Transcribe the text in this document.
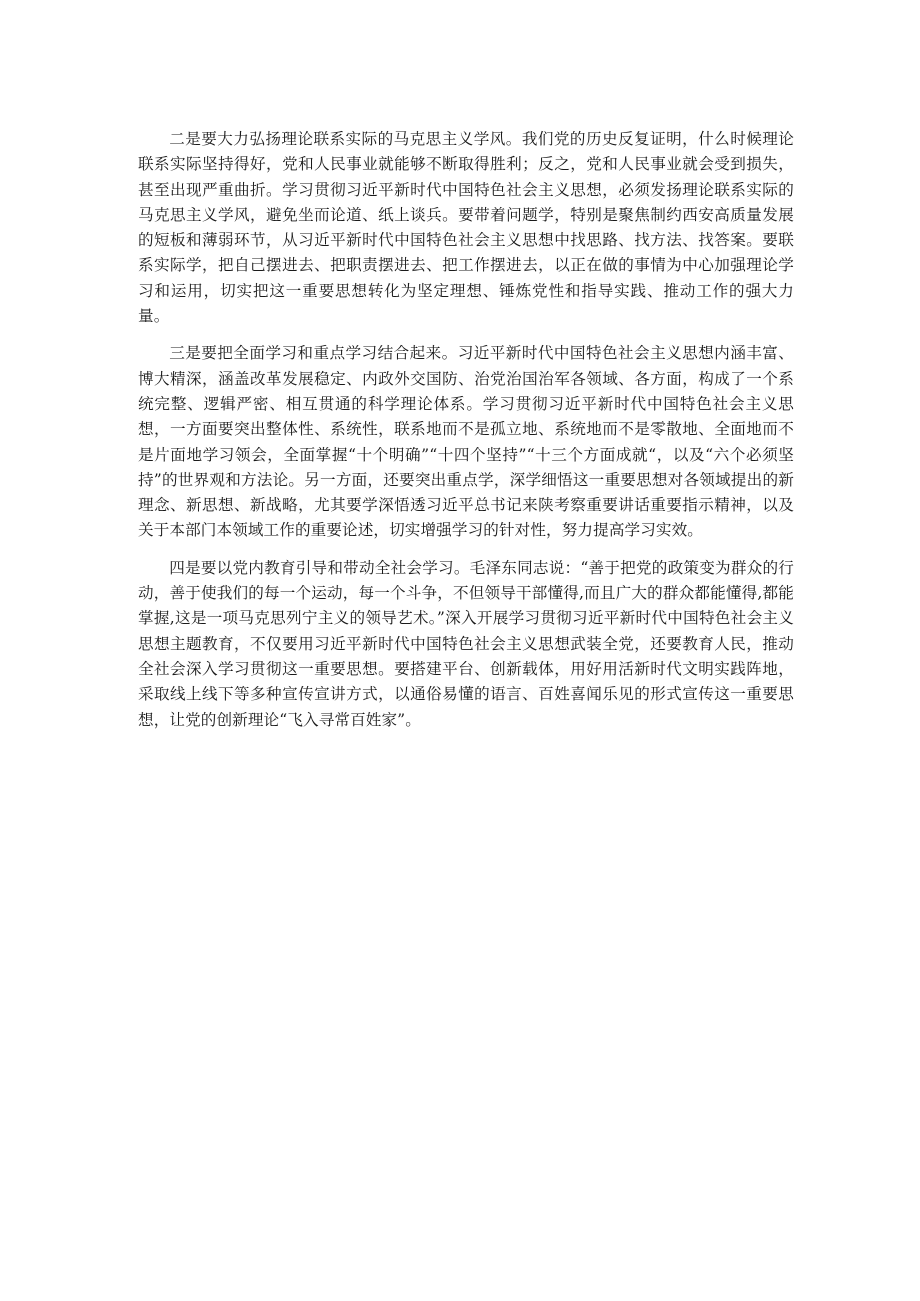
二是要大力弘扬理论联系实际的马克思主义学风。我们党的历史反复证明，什么时候理论联系实际坚持得好，党和人民事业就能够不断取得胜利；反之，党和人民事业就会受到损失，甚至出现严重曲折。学习贯彻习近平新时代中国特色社会主义思想，必须发扬理论联系实际的马克思主义学风，避免坐而论道、纸上谈兵。要带着问题学，特别是聚焦制约西安高质量发展的短板和薄弱环节，从习近平新时代中国特色社会主义思想中找思路、找方法、找答案。要联系实际学，把自己摆进去、把职责摆进去、把工作摆进去，以正在做的事情为中心加强理论学习和运用，切实把这一重要思想转化为坚定理想、锤炼党性和指导实践、推动工作的强大力量。

三是要把全面学习和重点学习结合起来。习近平新时代中国特色社会主义思想内涵丰富、博大精深，涵盖改革发展稳定、内政外交国防、治党治国治军各领域、各方面，构成了一个系统完整、逻辑严密、相互贯通的科学理论体系。学习贯彻习近平新时代中国特色社会主义思想，一方面要突出整体性、系统性，联系地而不是孤立地、系统地而不是零散地、全面地而不是片面地学习领会，全面掌握“十个明确”“十四个坚持”“十三个方面成就“，以及“六个必须坚持”的世界观和方法论。另一方面，还要突出重点学，深学细悟这一重要思想对各领域提出的新理念、新思想、新战略，尤其要学深悟透习近平总书记来陕考察重要讲话重要指示精神，以及关于本部门本领域工作的重要论述，切实增强学习的针对性，努力提高学习实效。

四是要以党内教育引导和带动全社会学习。毛泽东同志说：“善于把党的政策变为群众的行动，善于使我们的每一个运动，每一个斗争，不但领导干部懂得,而且广大的群众都能懂得,都能掌握,这是一项马克思列宁主义的领导艺术。”深入开展学习贯彻习近平新时代中国特色社会主义思想主题教育，不仅要用习近平新时代中国特色社会主义思想武装全党，还要教育人民，推动全社会深入学习贯彻这一重要思想。要搭建平台、创新载体，用好用活新时代文明实践阵地，采取线上线下等多种宣传宣讲方式，以通俗易懂的语言、百姓喜闻乐见的形式宣传这一重要思想，让党的创新理论“飞入寻常百姓家”。
